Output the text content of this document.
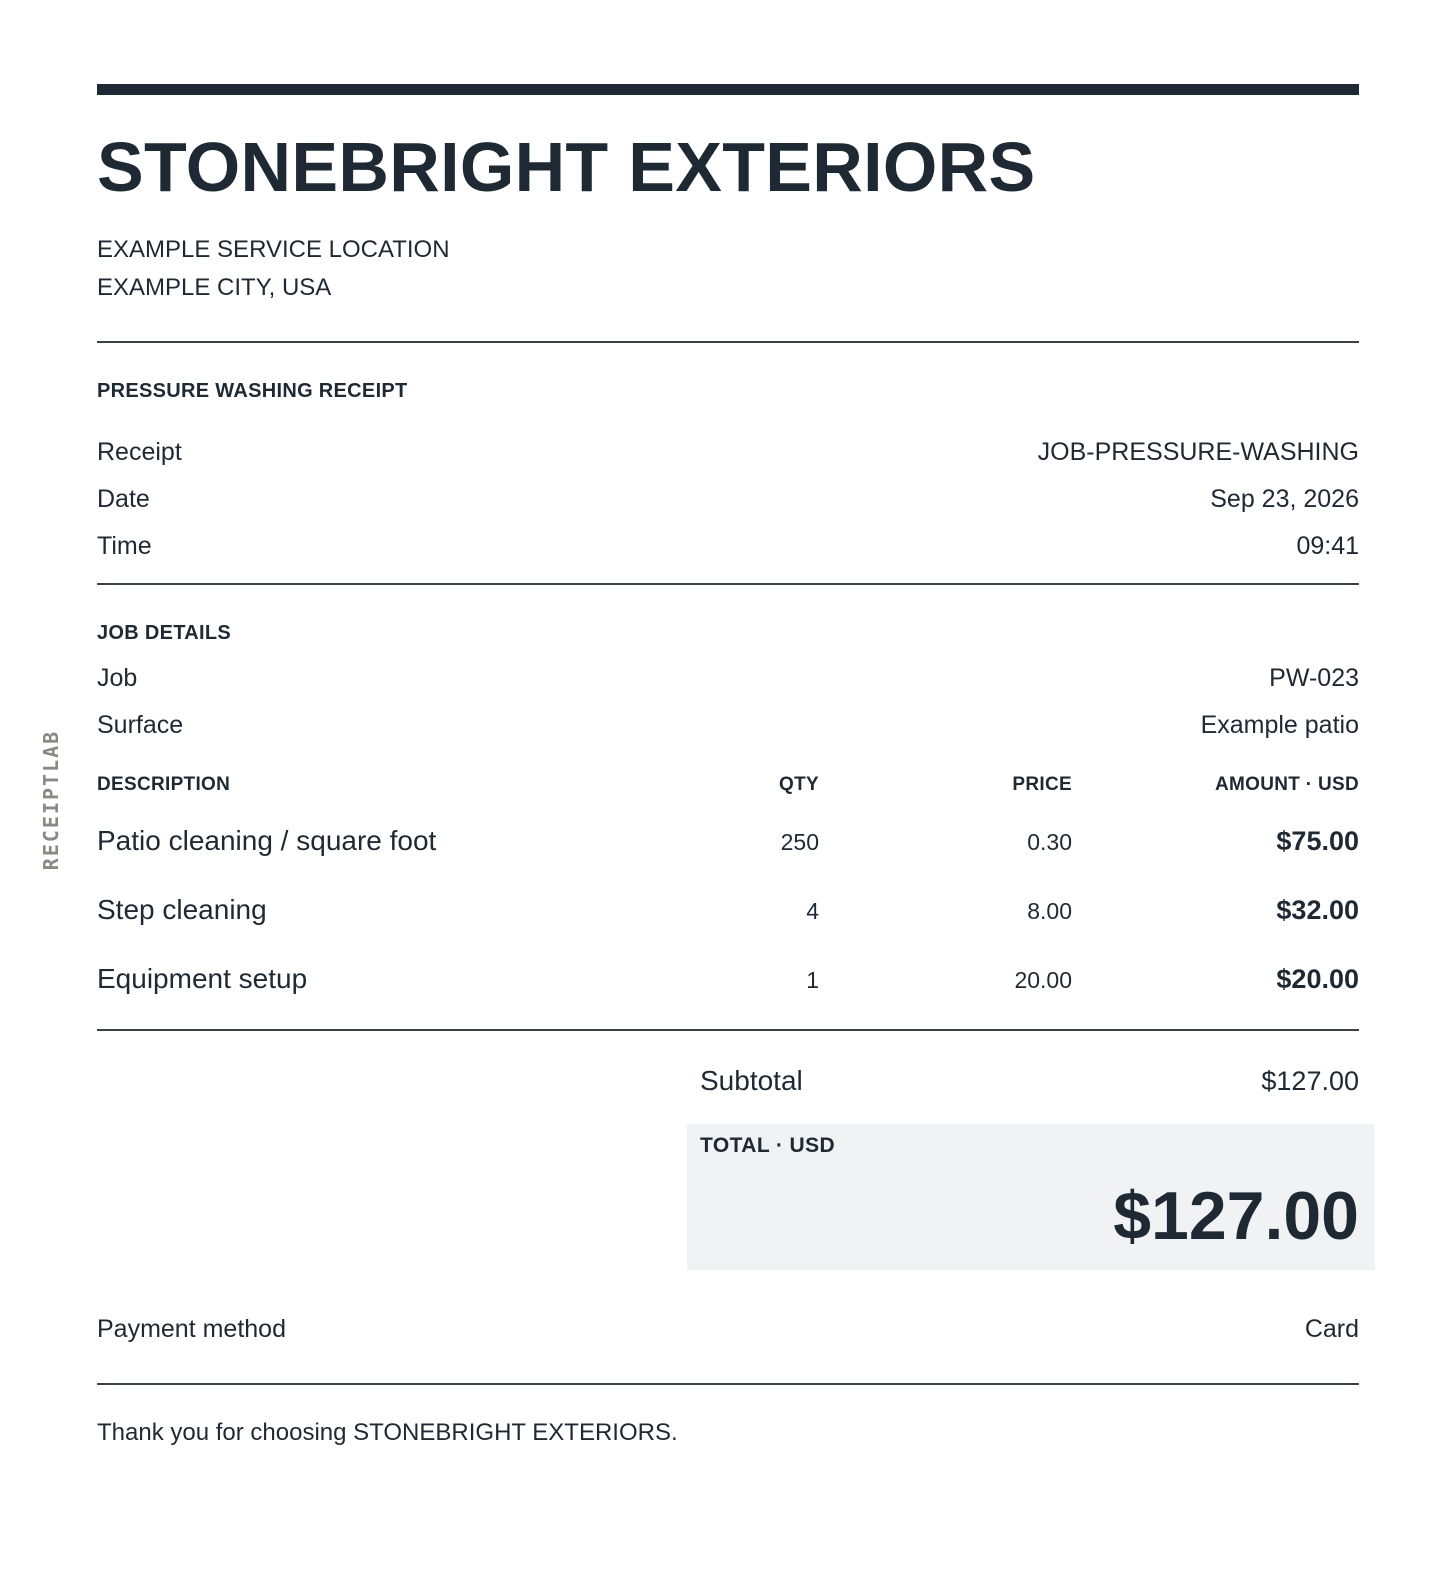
RECEIPTLAB
STONEBRIGHT EXTERIORS
EXAMPLE SERVICE LOCATION
EXAMPLE CITY, USA
PRESSURE WASHING RECEIPT
Receipt	JOB-PRESSURE-WASHING
Date	Sep 23, 2026
Time	09:41
JOB DETAILS
Job	PW-023
Surface	Example patio
DESCRIPTION	QTY	PRICE	AMOUNT · USD
Patio cleaning / square foot	250	0.30	$75.00
Step cleaning	4	8.00	$32.00
Equipment setup	1	20.00	$20.00
Subtotal	$127.00
TOTAL · USD
$127.00
Payment method	Card
Thank you for choosing STONEBRIGHT EXTERIORS.
